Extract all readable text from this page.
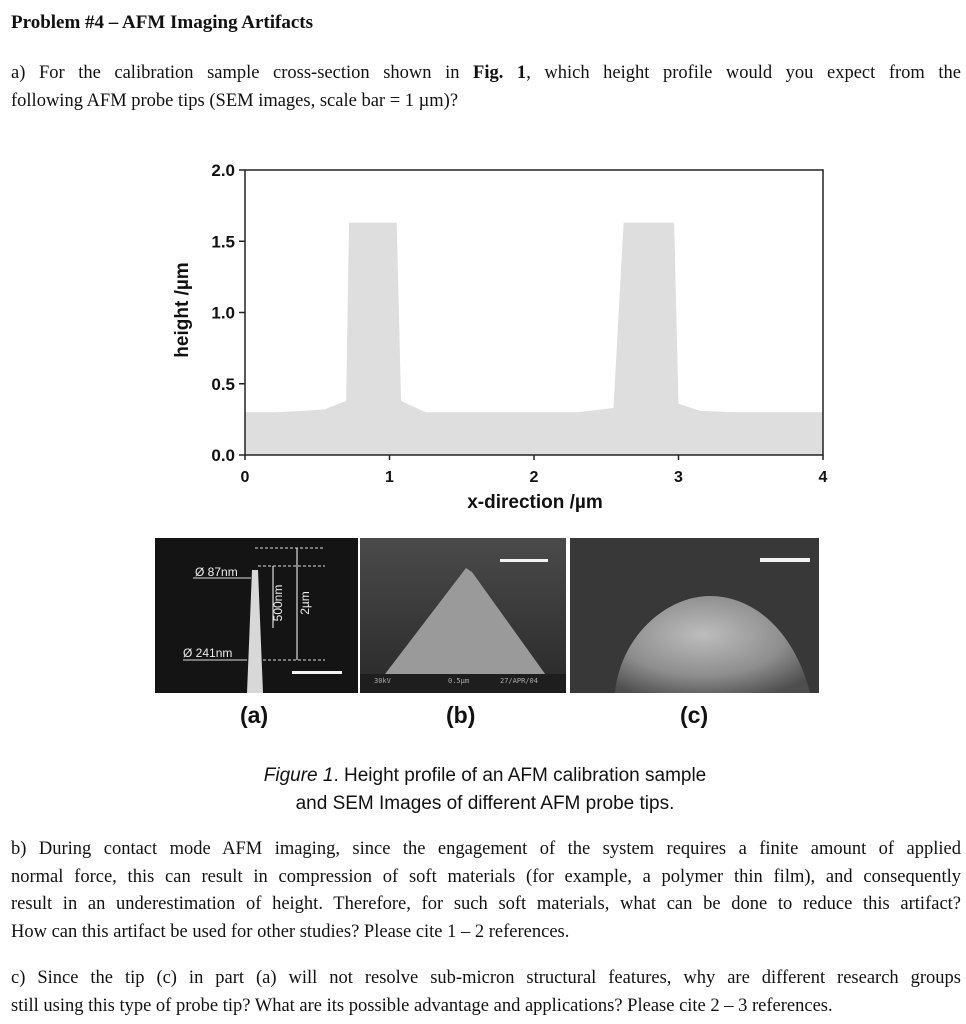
Problem #4 – AFM Imaging Artifacts
a) For the calibration sample cross-section shown in Fig. 1, which height profile would you expect from the
following AFM probe tips (SEM images, scale bar = 1 µm)?
0.0
0.5
1.0
1.5
2.0
0	1	2	3	4
height /µm
x-direction /µm
Ø 87nm
Ø 241nm
500nm 2µm
30kV	0.5µm	27/APR/04
(a)	(b)	(c)
Figure 1. Height profile of an AFM calibration sample
and SEM Images of different AFM probe tips.
b) During contact mode AFM imaging, since the engagement of the system requires a finite amount of applied
normal force, this can result in compression of soft materials (for example, a polymer thin film), and consequently
result in an underestimation of height. Therefore, for such soft materials, what can be done to reduce this artifact?
How can this artifact be used for other studies? Please cite 1 – 2 references.
c) Since the tip (c) in part (a) will not resolve sub-micron structural features, why are different research groups
still using this type of probe tip? What are its possible advantage and applications? Please cite 2 – 3 references.
